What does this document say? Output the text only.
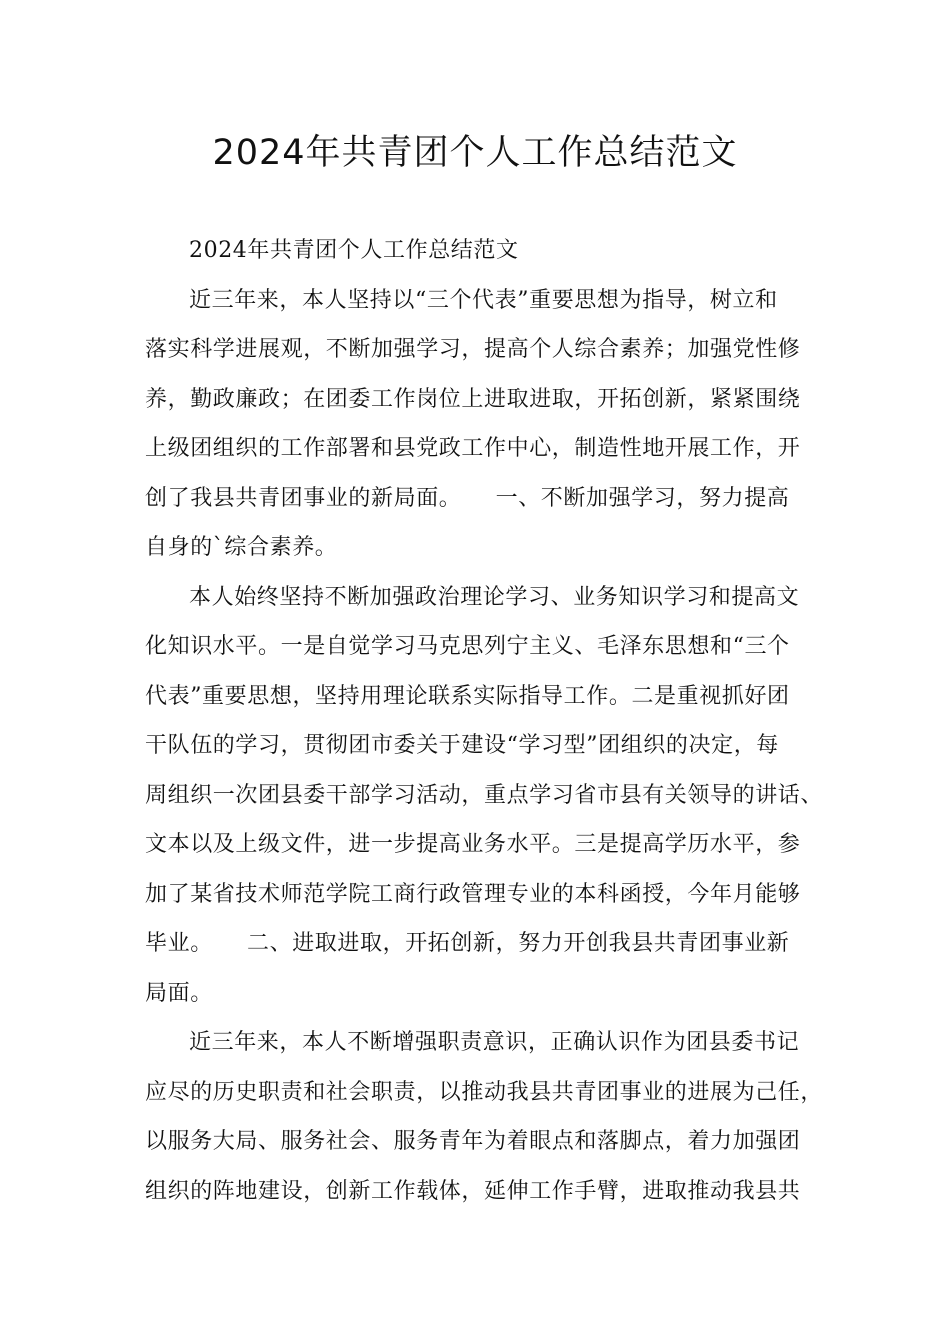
2024年共青团个人工作总结范文
2024年共青团个人工作总结范文
近三年来，本人坚持以“三个代表”重要思想为指导，树立和
落实科学进展观，不断加强学习，提高个人综合素养；加强党性修
养，勤政廉政；在团委工作岗位上进取进取，开拓创新，紧紧围绕
上级团组织的工作部署和县党政工作中心，制造性地开展工作，开
创了我县共青团事业的新局面。　　一、不断加强学习，努力提高
自身的`综合素养。
本人始终坚持不断加强政治理论学习、业务知识学习和提高文
化知识水平。一是自觉学习马克思列宁主义、毛泽东思想和“三个
代表”重要思想，坚持用理论联系实际指导工作。二是重视抓好团
干队伍的学习，贯彻团市委关于建设“学习型”团组织的决定，每
周组织一次团县委干部学习活动，重点学习省市县有关领导的讲话、
文本以及上级文件，进一步提高业务水平。三是提高学历水平，参
加了某省技术师范学院工商行政管理专业的本科函授，今年月能够
毕业。　　二、进取进取，开拓创新，努力开创我县共青团事业新
局面。
近三年来，本人不断增强职责意识，正确认识作为团县委书记
应尽的历史职责和社会职责，以推动我县共青团事业的进展为己任，
以服务大局、服务社会、服务青年为着眼点和落脚点，着力加强团
组织的阵地建设，创新工作载体，延伸工作手臂，进取推动我县共
